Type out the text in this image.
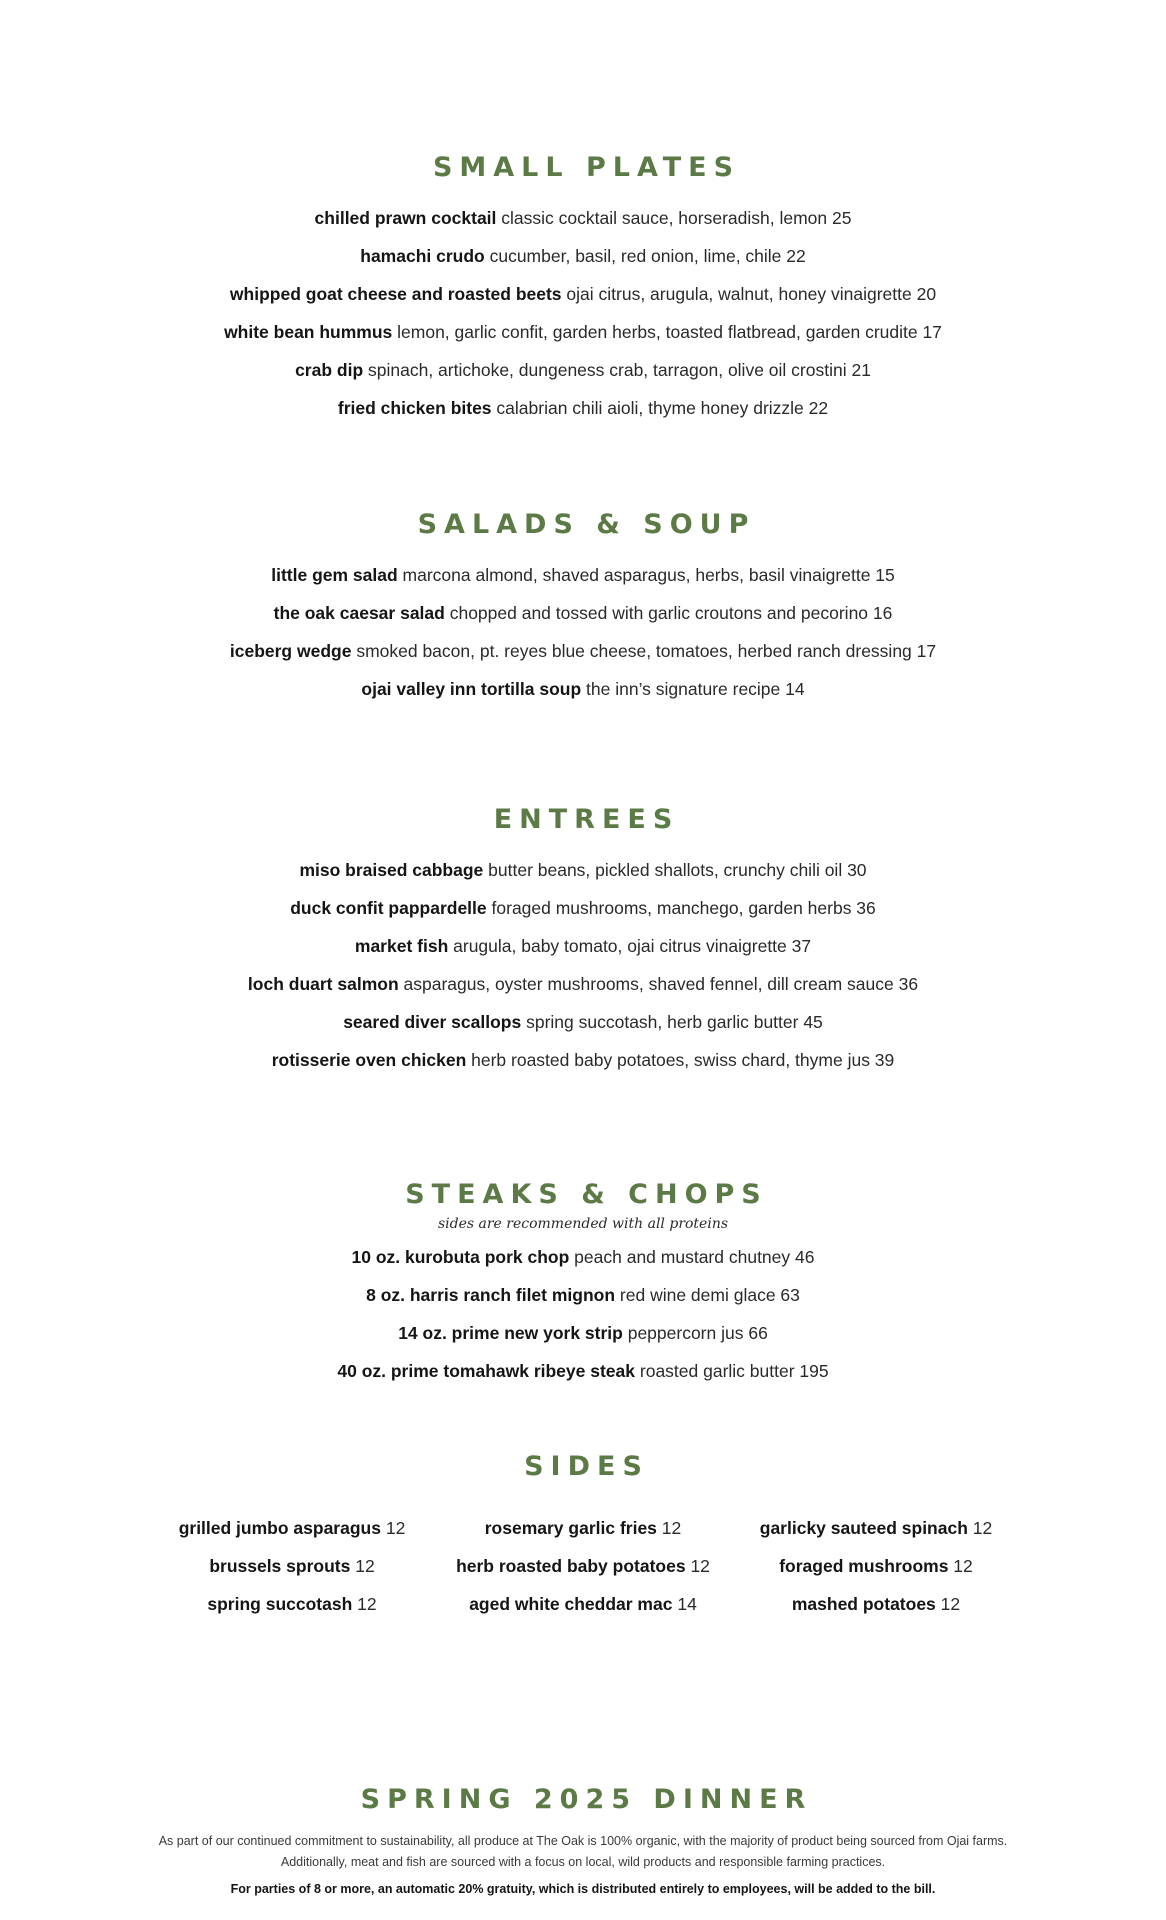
SMALL PLATES
chilled prawn cocktail classic cocktail sauce, horseradish, lemon 25
hamachi crudo cucumber, basil, red onion, lime, chile 22
whipped goat cheese and roasted beets ojai citrus, arugula, walnut, honey vinaigrette 20
white bean hummus lemon, garlic confit, garden herbs, toasted flatbread, garden crudite 17
crab dip spinach, artichoke, dungeness crab, tarragon, olive oil crostini 21
fried chicken bites calabrian chili aioli, thyme honey drizzle 22
SALADS & SOUP
little gem salad marcona almond, shaved asparagus, herbs, basil vinaigrette 15
the oak caesar salad chopped and tossed with garlic croutons and pecorino 16
iceberg wedge smoked bacon, pt. reyes blue cheese, tomatoes, herbed ranch dressing 17
ojai valley inn tortilla soup the inn’s signature recipe 14
ENTREES
miso braised cabbage butter beans, pickled shallots, crunchy chili oil 30
duck confit pappardelle foraged mushrooms, manchego, garden herbs 36
market fish arugula, baby tomato, ojai citrus vinaigrette 37
loch duart salmon asparagus, oyster mushrooms, shaved fennel, dill cream sauce 36
seared diver scallops spring succotash, herb garlic butter 45
rotisserie oven chicken herb roasted baby potatoes, swiss chard, thyme jus 39
STEAKS & CHOPS
sides are recommended with all proteins
10 oz. kurobuta pork chop peach and mustard chutney 46
8 oz. harris ranch filet mignon red wine demi glace 63
14 oz. prime new york strip peppercorn jus 66
40 oz. prime tomahawk ribeye steak roasted garlic butter 195
SIDES
grilled jumbo asparagus 12
brussels sprouts 12
spring succotash 12
rosemary garlic fries 12
herb roasted baby potatoes 12
aged white cheddar mac 14
garlicky sauteed spinach 12
foraged mushrooms 12
mashed potatoes 12
SPRING 2025 DINNER
As part of our continued commitment to sustainability, all produce at The Oak is 100% organic, with the majority of product being sourced from Ojai farms.
Additionally, meat and fish are sourced with a focus on local, wild products and responsible farming practices.
For parties of 8 or more, an automatic 20% gratuity, which is distributed entirely to employees, will be added to the bill.
